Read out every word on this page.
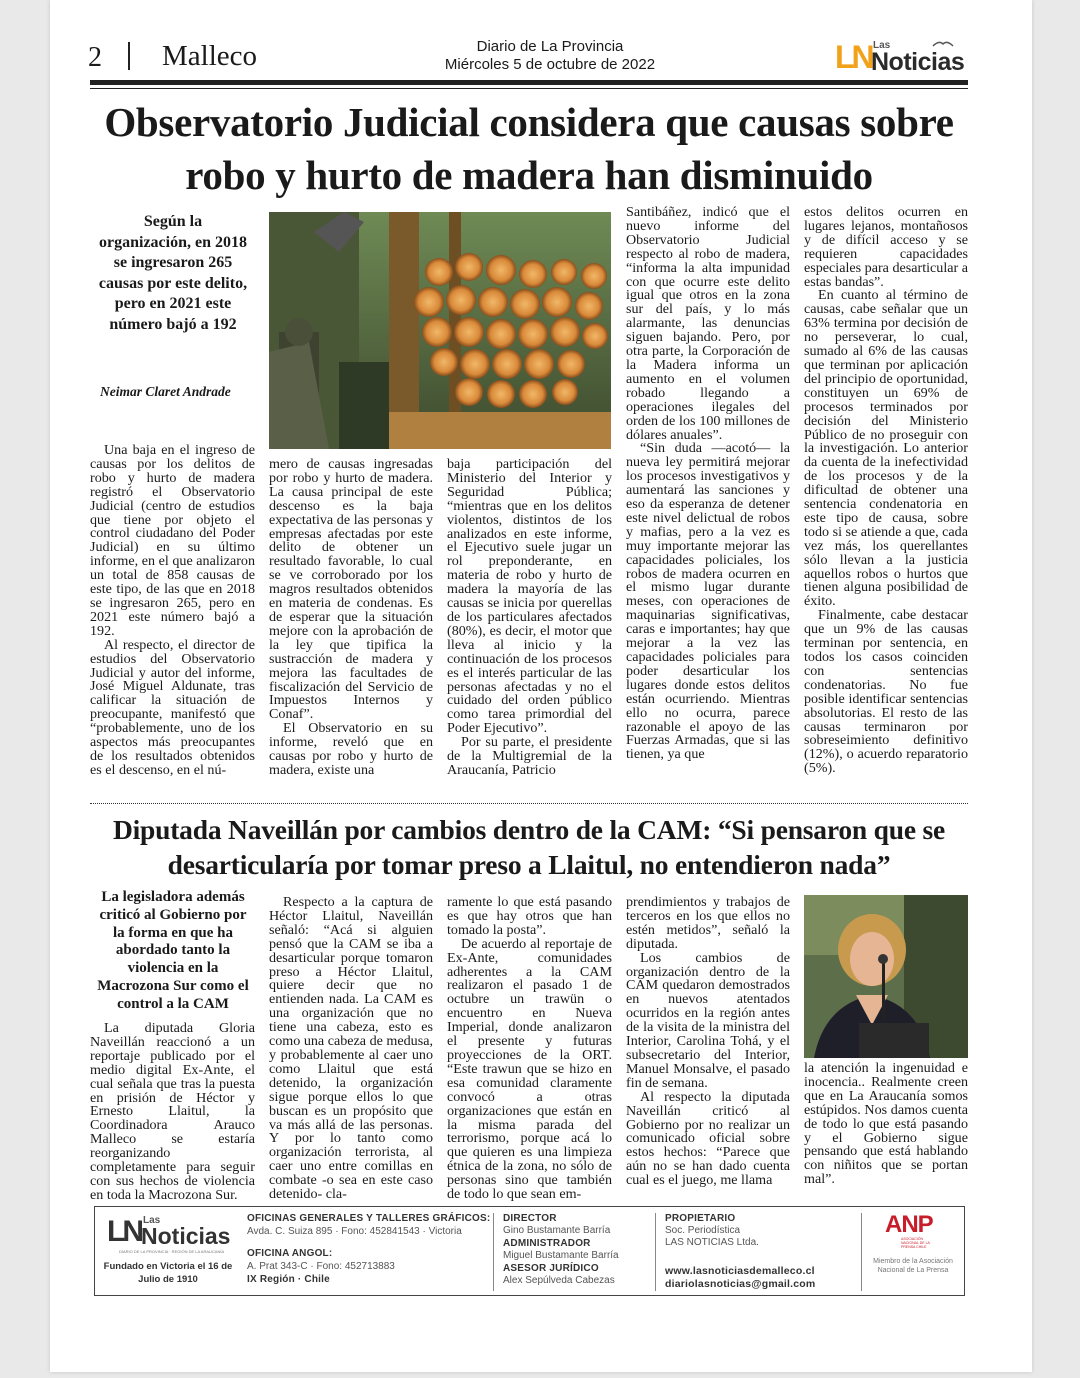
2 Malleco	Diario de La Provincia
Miércoles 5 de octubre de 2022	LN Las
Noticias
Observatorio Judicial considera que causas sobre robo y hurto de madera han disminuido
Según la organización, en 2018 se ingresaron 265 causas por este delito, pero en 2021 este número bajó a 192
Neimar Claret Andrade

Una baja en el ingreso de causas por los delitos de robo y hurto de madera registró el Observatorio Judicial (centro de estudios que tiene por objeto el control ciudadano del Poder Judicial) en su último informe, en el que analizaron un total de 858 causas de este tipo, de las que en 2018 se ingresaron 265, pero en 2021 este número bajó a 192.

Al respecto, el director de estudios del Observatorio Judicial y autor del informe, José Miguel Aldunate, tras calificar la situación de preocupante, manifestó que “probablemente, uno de los aspectos más preocupantes de los resultados obtenidos es el descenso, en el nú-

mero de causas ingresadas por robo y hurto de madera. La causa principal de este descenso es la baja expectativa de las personas y empresas afectadas por este delito de obtener un resultado favorable, lo cual se ve corroborado por los magros resultados obtenidos en materia de condenas. Es de esperar que la situación mejore con la aprobación de la ley que tipifica la sustracción de madera y mejora las facultades de fiscalización del Servicio de Impuestos Internos y Conaf”.

El Observatorio en su informe, reveló que en causas por robo y hurto de madera, existe una

baja participación del Ministerio del Interior y Seguridad Pública; “mientras que en los delitos violentos, distintos de los analizados en este informe, el Ejecutivo suele jugar un rol preponderante, en materia de robo y hurto de madera la mayoría de las causas se inicia por querellas de los particulares afectados (80%), es decir, el motor que lleva al inicio y la continuación de los procesos es el interés particular de las personas afectadas y no el cuidado del orden público como tarea primordial del Poder Ejecutivo”.

Por su parte, el presidente de la Multigremial de la Araucanía, Patricio

Santibáñez, indicó que el nuevo informe del Observatorio Judicial respecto al robo de madera, “informa la alta impunidad con que ocurre este delito igual que otros en la zona sur del país, y lo más alarmante, las denuncias siguen bajando. Pero, por otra parte, la Corporación de la Madera informa un aumento en el volumen robado llegando a operaciones ilegales del orden de los 100 millones de dólares anuales”.

“Sin duda —acotó— la nueva ley permitirá mejorar los procesos investigativos y aumentará las sanciones y eso da esperanza de detener este nivel delictual de robos y mafias, pero a la vez es muy importante mejorar las capacidades policiales, los robos de madera ocurren en el mismo lugar durante meses, con operaciones de maquinarias significativas, caras e importantes; hay que mejorar a la vez las capacidades policiales para poder desarticular los lugares donde estos delitos están ocurriendo. Mientras ello no ocurra, parece razonable el apoyo de las Fuerzas Armadas, que si las tienen, ya que

estos delitos ocurren en lugares lejanos, montañosos y de difícil acceso y se requieren capacidades especiales para desarticular a estas bandas”.

En cuanto al término de causas, cabe señalar que un 63% termina por decisión de no perseverar, lo cual, sumado al 6% de las causas que terminan por aplicación del principio de oportunidad, constituyen un 69% de procesos terminados por decisión del Ministerio Público de no proseguir con la investigación. Lo anterior da cuenta de la inefectividad de los procesos y de la dificultad de obtener una sentencia condenatoria en este tipo de causa, sobre todo si se atiende a que, cada vez más, los querellantes sólo llevan a la justicia aquellos robos o hurtos que tienen alguna posibilidad de éxito.

Finalmente, cabe destacar que un 9% de las causas terminan por sentencia, en todos los casos coinciden con sentencias condenatorias. No fue posible identificar sentencias absolutorias. El resto de las causas terminaron por sobreseimiento definitivo (12%), o acuerdo reparatorio (5%).

Diputada Naveillán por cambios dentro de la CAM: “Si pensaron que se desarticularía por tomar preso a Llaitul, no entendieron nada”
La legisladora además criticó al Gobierno por la forma en que ha abordado tanto la violencia en la Macrozona Sur como el control a la CAM

La diputada Gloria Naveillán reaccionó a un reportaje publicado por el medio digital Ex-Ante, el cual señala que tras la puesta en prisión de Héctor y Ernesto Llaitul, la Coordinadora Arauco Malleco se estaría reorganizando completamente para seguir con sus hechos de violencia en toda la Macrozona Sur.

Respecto a la captura de Héctor Llaitul, Naveillán señaló: “Acá si alguien pensó que la CAM se iba a desarticular porque tomaron preso a Héctor Llaitul, quiere decir que no entienden nada. La CAM es una organización que no tiene una cabeza, esto es como una cabeza de medusa, y probablemente al caer uno como Llaitul que está detenido, la organización sigue porque ellos lo que buscan es un propósito que va más allá de las personas. Y por lo tanto como organización terrorista, al caer uno entre comillas en combate -o sea en este caso detenido- cla-

ramente lo que está pasando es que hay otros que han tomado la posta”.

De acuerdo al reportaje de Ex-Ante, comunidades adherentes a la CAM realizaron el pasado 1 de octubre un trawün o encuentro en Nueva Imperial, donde analizaron el presente y futuras proyecciones de la ORT. “Este trawun que se hizo en esa comunidad claramente convocó a otras organizaciones que están en la misma parada del terrorismo, porque acá lo que quieren es una limpieza étnica de la zona, no sólo de personas sino que también de todo lo que sean em-

prendimientos y trabajos de terceros en los que ellos no estén metidos”, señaló la diputada.

Los cambios de organización dentro de la CAM quedaron demostrados en nuevos atentados ocurridos en la región antes de la visita de la ministra del Interior, Carolina Tohá, y el subsecretario del Interior, Manuel Monsalve, el pasado fin de semana.

Al respecto la diputada Naveillán criticó al Gobierno por no realizar un comunicado oficial sobre estos hechos: “Parece que aún no se han dado cuenta cual es el juego, me llama

la atención la ingenuidad e inocencia.. Realmente creen que en La Araucanía somos estúpidos. Nos damos cuenta de todo lo que está pasando y el Gobierno sigue pensando que está hablando con niñitos que se portan mal”.

LN Las
Noticias
DIARIO DE LA PROVINCIA · REGIÓN DE LA ARAUCANÍA
Fundado en Victoria el 16 de Julio de 1910
OFICINAS GENERALES Y TALLERES GRÁFICOS:
Avda. C. Suiza 895 · Fono: 452841543 · Victoria
OFICINA ANGOL:
A. Prat 343-C · Fono: 452713883
IX Región · Chile
DIRECTOR
Gino Bustamante Barría
ADMINISTRADOR
Miguel Bustamante Barría
ASESOR JURÍDICO
Alex Sepúlveda Cabezas
PROPIETARIO
Soc. Periodística
LAS NOTICIAS Ltda.
www.lasnoticiasdemalleco.cl
diariolasnoticias@gmail.com
ANP
ASOCIACIÓN NACIONAL DE LA PRENSA CHILE
Miembro de la Asociación Nacional de La Prensa
